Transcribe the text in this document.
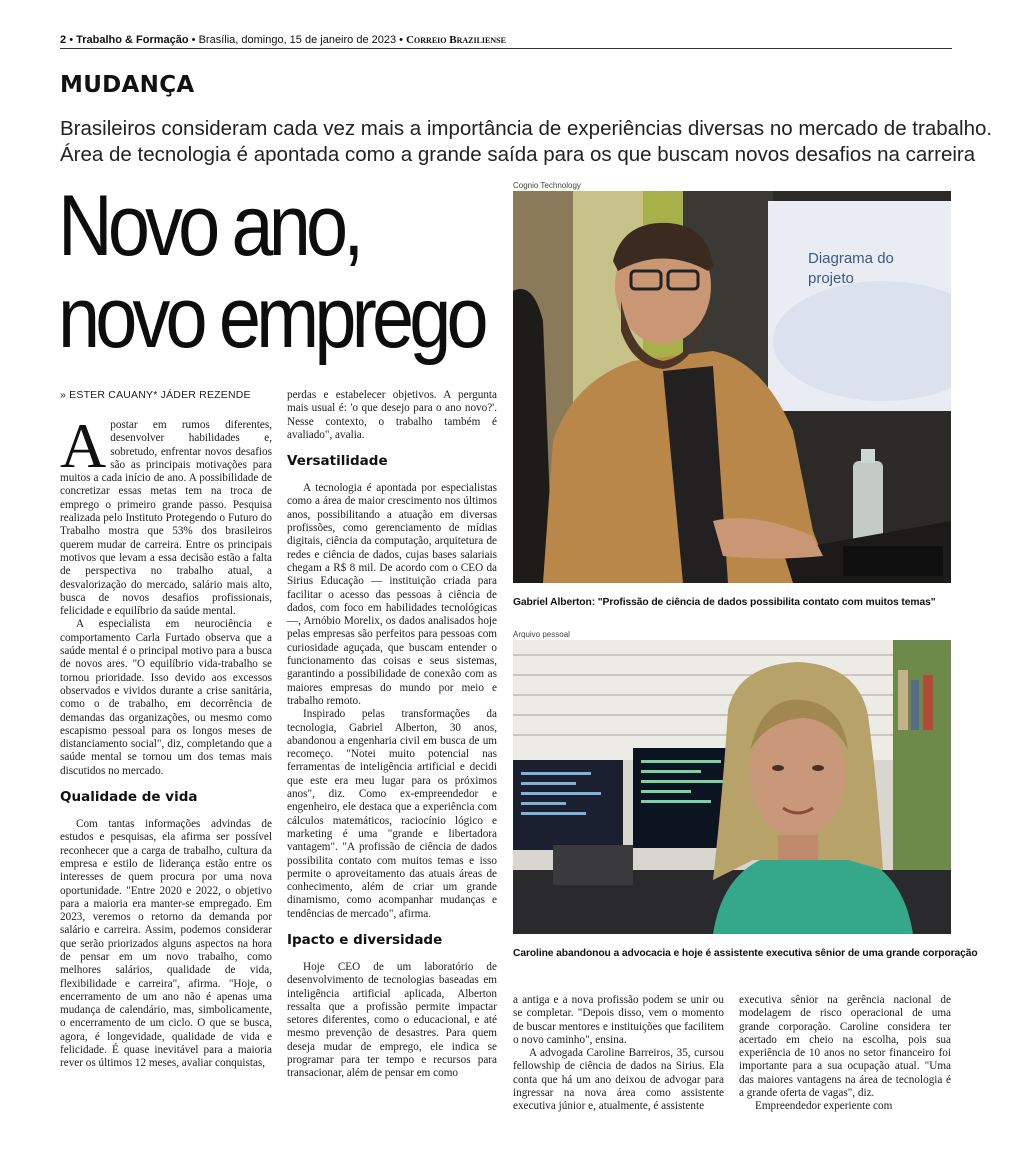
2 • Trabalho & Formação • Brasília, domingo, 15 de janeiro de 2023 • Correio Braziliense
MUDANÇA
Brasileiros consideram cada vez mais a importância de experiências diversas no mercado de trabalho.
Área de tecnologia é apontada como a grande saída para os que buscam novos desafios na carreira
Novo ano,
novo emprego
» ESTER CAUANY* JÁDER REZENDE
Cognio Technology
Diagrama do
projeto
Gabriel Alberton: "Profissão de ciência de dados possibilita contato com muitos temas"
Arquivo pessoal
Caroline abandonou a advocacia e hoje é assistente executiva sênior de uma grande corporação

Apostar em rumos diferentes, desenvolver habilidades e, sobretudo, enfrentar novos desafios são as principais motivações para muitos a cada início de ano. A possibilidade de concretizar essas metas tem na troca de emprego o primeiro grande passo. Pesquisa realizada pelo Instituto Protegendo o Futuro do Trabalho mostra que 53% dos brasileiros querem mudar de carreira. Entre os principais motivos que levam a essa decisão estão a falta de perspectiva no trabalho atual, a desvalorização do mercado, salário mais alto, busca de novos desafios profissionais, felicidade e equilíbrio da saúde mental.

A especialista em neurociência e comportamento Carla Furtado observa que a saúde mental é o principal motivo para a busca de novos ares. "O equilíbrio vida-trabalho se tornou prioridade. Isso devido aos excessos observados e vividos durante a crise sanitária, como o de trabalho, em decorrência de demandas das organizações, ou mesmo como escapismo pessoal para os longos meses de distanciamento social", diz, completando que a saúde mental se tornou um dos temas mais discutidos no mercado.

Qualidade de vida

Com tantas informações advindas de estudos e pesquisas, ela afirma ser possível reconhecer que a carga de trabalho, cultura da empresa e estilo de liderança estão entre os interesses de quem procura por uma nova oportunidade. "Entre 2020 e 2022, o objetivo para a maioria era manter-se empregado. Em 2023, veremos o retorno da demanda por salário e carreira. Assim, podemos considerar que serão priorizados alguns aspectos na hora de pensar em um novo trabalho, como melhores salários, qualidade de vida, flexibilidade e carreira", afirma. "Hoje, o encerramento de um ano não é apenas uma mudança de calendário, mas, simbolicamente, o encerramento de um ciclo. O que se busca, agora, é longevidade, qualidade de vida e felicidade. É quase inevitável para a maioria rever os últimos 12 meses, avaliar conquistas,

perdas e estabelecer objetivos. A pergunta mais usual é: 'o que desejo para o ano novo?'. Nesse contexto, o trabalho também é avaliado", avalia.

Versatilidade

A tecnologia é apontada por especialistas como a área de maior crescimento nos últimos anos, possibilitando a atuação em diversas profissões, como gerenciamento de mídias digitais, ciência da computação, arquitetura de redes e ciência de dados, cujas bases salariais chegam a R$ 8 mil. De acordo com o CEO da Sirius Educação — instituição criada para facilitar o acesso das pessoas à ciência de dados, com foco em habilidades tecnológicas —, Arnóbio Morelix, os dados analisados hoje pelas empresas são perfeitos para pessoas com curiosidade aguçada, que buscam entender o funcionamento das coisas e seus sistemas, garantindo a possibilidade de conexão com as maiores empresas do mundo por meio e trabalho remoto.

Inspirado pelas transformações da tecnologia, Gabriel Alberton, 30 anos, abandonou a engenharia civil em busca de um recomeço. "Notei muito potencial nas ferramentas de inteligência artificial e decidi que este era meu lugar para os próximos anos", diz. Como ex-empreendedor e engenheiro, ele destaca que a experiência com cálculos matemáticos, raciocínio lógico e marketing é uma "grande e libertadora vantagem". "A profissão de ciência de dados possibilita contato com muitos temas e isso permite o aproveitamento das atuais áreas de conhecimento, além de criar um grande dinamismo, como acompanhar mudanças e tendências de mercado", afirma.

Ipacto e diversidade

Hoje CEO de um laboratório de desenvolvimento de tecnologias baseadas em inteligência artificial aplicada, Alberton ressalta que a profissão permite impactar setores diferentes, como o educacional, e até mesmo prevenção de desastres. Para quem deseja mudar de emprego, ele indica se programar para ter tempo e recursos para transacionar, além de pensar em como

a antiga e a nova profissão podem se unir ou se completar. "Depois disso, vem o momento de buscar mentores e instituições que facilitem o novo caminho", ensina.

A advogada Caroline Barreiros, 35, cursou fellowship de ciência de dados na Sirius. Ela conta que há um ano deixou de advogar para ingressar na nova área como assistente executiva júnior e, atualmente, é assistente

executiva sênior na gerência nacional de modelagem de risco operacional de uma grande corporação. Caroline considera ter acertado em cheio na escolha, pois sua experiência de 10 anos no setor financeiro foi importante para a sua ocupação atual. "Uma das maiores vantagens na área de tecnologia é a grande oferta de vagas", diz.

Empreendedor experiente com
